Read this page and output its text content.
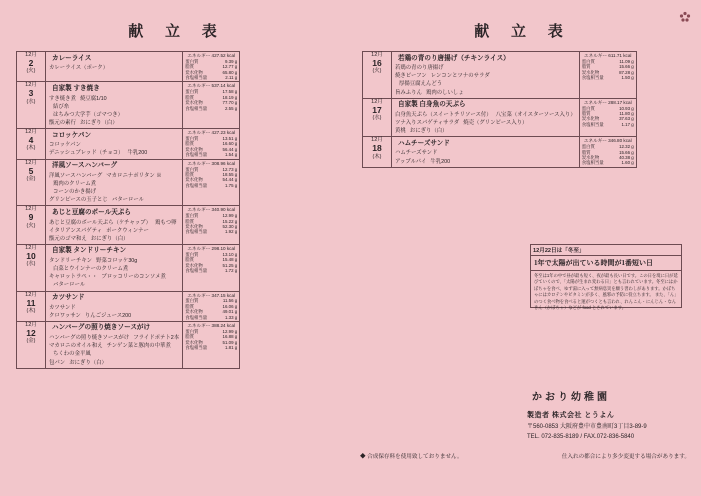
献 立 表
12月
2
(火)

カレーライス
カレーライス（ポーク）

エネルギー 427.52 kcal
蛋白質	9.39 g
脂質	12.77 g
炭水化物	65.80 g
食塩相当量	2.11 g

12月
3
(水)

自家製 すき焼き
すき焼き煮 焼豆腐1/10
結び糸
はちみつ大学芋（ゴマつき）
甑元の素行 おにぎり（白）

エネルギー 537.14 kcal
蛋白質	17.58 g
脂質	18.19 g
炭水化物	77.70 g
食塩相当量	2.55 g

12月
4
(木)

コロッケパン
コロッケパン
デニッシュブレッド（チョコ） 牛乳200

エネルギー 427.23 kcal
蛋白質	13.51 g
脂質	16.60 g
炭水化物	56.44 g
食塩相当量	1.54 g

12月
5
(金)

洋風ソースハンバーグ
洋風ソースハンバーグ マカロニナポリタン ※
鶏肉のクリーム煮
コーンのかき揚げ
グリンピースの玉子とじ バターロール

エネルギー 308.96 kcal
蛋白質	12.73 g
脂質	18.55 g
炭水化物	54.44 g
食塩相当量	1.75 g

12月
9
(火)

あじと豆腐のボール天ぷら
あじと豆腐のボール天ぷら（ケチャップ） 鶏もつ卵
イタリアンスパゲティ ポークウィンナー
甑元のゴマ和え おにぎり（白）

エネルギー 340.90 kcal
蛋白質	12.99 g
脂質	15.22 g
炭水化物	52.30 g
食塩相当量	1.92 g

12月
10
(水)

自家製 タンドリーチキン
タンドリーチキン 野菜コロッケ30g
白菜とウインナーのクリーム煮
キャロットラペ・・ ブロッコリーのコンソメ煮
バターロール

エネルギー 298.10 kcal
蛋白質	13.10 g
脂質	15.48 g
炭水化物	51.25 g
食塩相当量	1.72 g

12月
11
(木)

カツサンド
カツサンド
クロワッサン りんごジュース200

エネルギー 347.15 kcal
蛋白質	11.56 g
脂質	16.06 g
炭水化物	49.01 g
食塩相当量	1.33 g

12月
12
(金)

ハンバーグの照り焼きソースがけ
ハンバーグの照り焼きソースがけ フライドポテト2本
マカロニのオイル和え チンゲン菜と豚肉の中華煮
ちくわの金平風
包パン おにぎり（白）

エネルギー 388.24 kcal
蛋白質	12.99 g
脂質	16.88 g
炭水化物	51.09 g
食塩相当量	1.81 g
献 立 表
12月
16
(火)

若鶏の青のり唐揚げ（チキンライス）
若鶏の青のり唐揚げ
焼きビーフン レンコンとツナのサラダ
厚揚豆腐えんどう
旨みふりん 鶏肉のしいしょ

エネルギー 611.71 kcal
蛋白質	11.09 g
脂質	15.66 g
炭水化物	87.28 g
食塩相当量	1.50 g

12月
17
(水)

自家製 白身魚の天ぷら
白身魚天ぷら（スイートチリソース付） 八宝菜（オイスターソース入り）
ツナ入りスパゲティサラダ 焼売（グリンピース入り）
黄桃 おにぎり（白）

エネルギー 288.17 kcal
蛋白質	10.93 g
脂質	11.80 g
炭水化物	37.63 g
食塩相当量	1.17 g

12月
18
(木)

ハムチーズサンド
ハムチーズサンド
アップルパイ 牛乳200

エネルギー 346.80 kcal
蛋白質	12.32 g
脂質	15.66 g
炭水化物	40.38 g
食塩相当量	1.60 g
12月22日は「冬至」
1年で太陽が出ている時間が1番短い日
冬至は1年の中で昼が最も短く、夜が最も長い日です。この日を境に日が延びていくので、「太陽が生まれ変わる日」とも言われています。冬至にはかぼちゃを食べ、ゆず湯に入って無病息災を願う習わしがあります。かぼちゃにはカロテンやビタミンが多く、風邪の予防に役立ちます。 また、「ん」のつく食べ物を食べると運がつくとも言われ、れんこん・にんじん・なんきん（かぼちゃ）などが food とされています。
かおり幼稚園
製造者 株式会社 とうよん
〒560-0853 大阪府豊中市豊南町3丁目3-89-9
TEL. 072-835-8189 / FAX.072-836-5840
◆ 合成保存料を使用致しておりません。	仕入れの都合により多少変更する場合があります。
